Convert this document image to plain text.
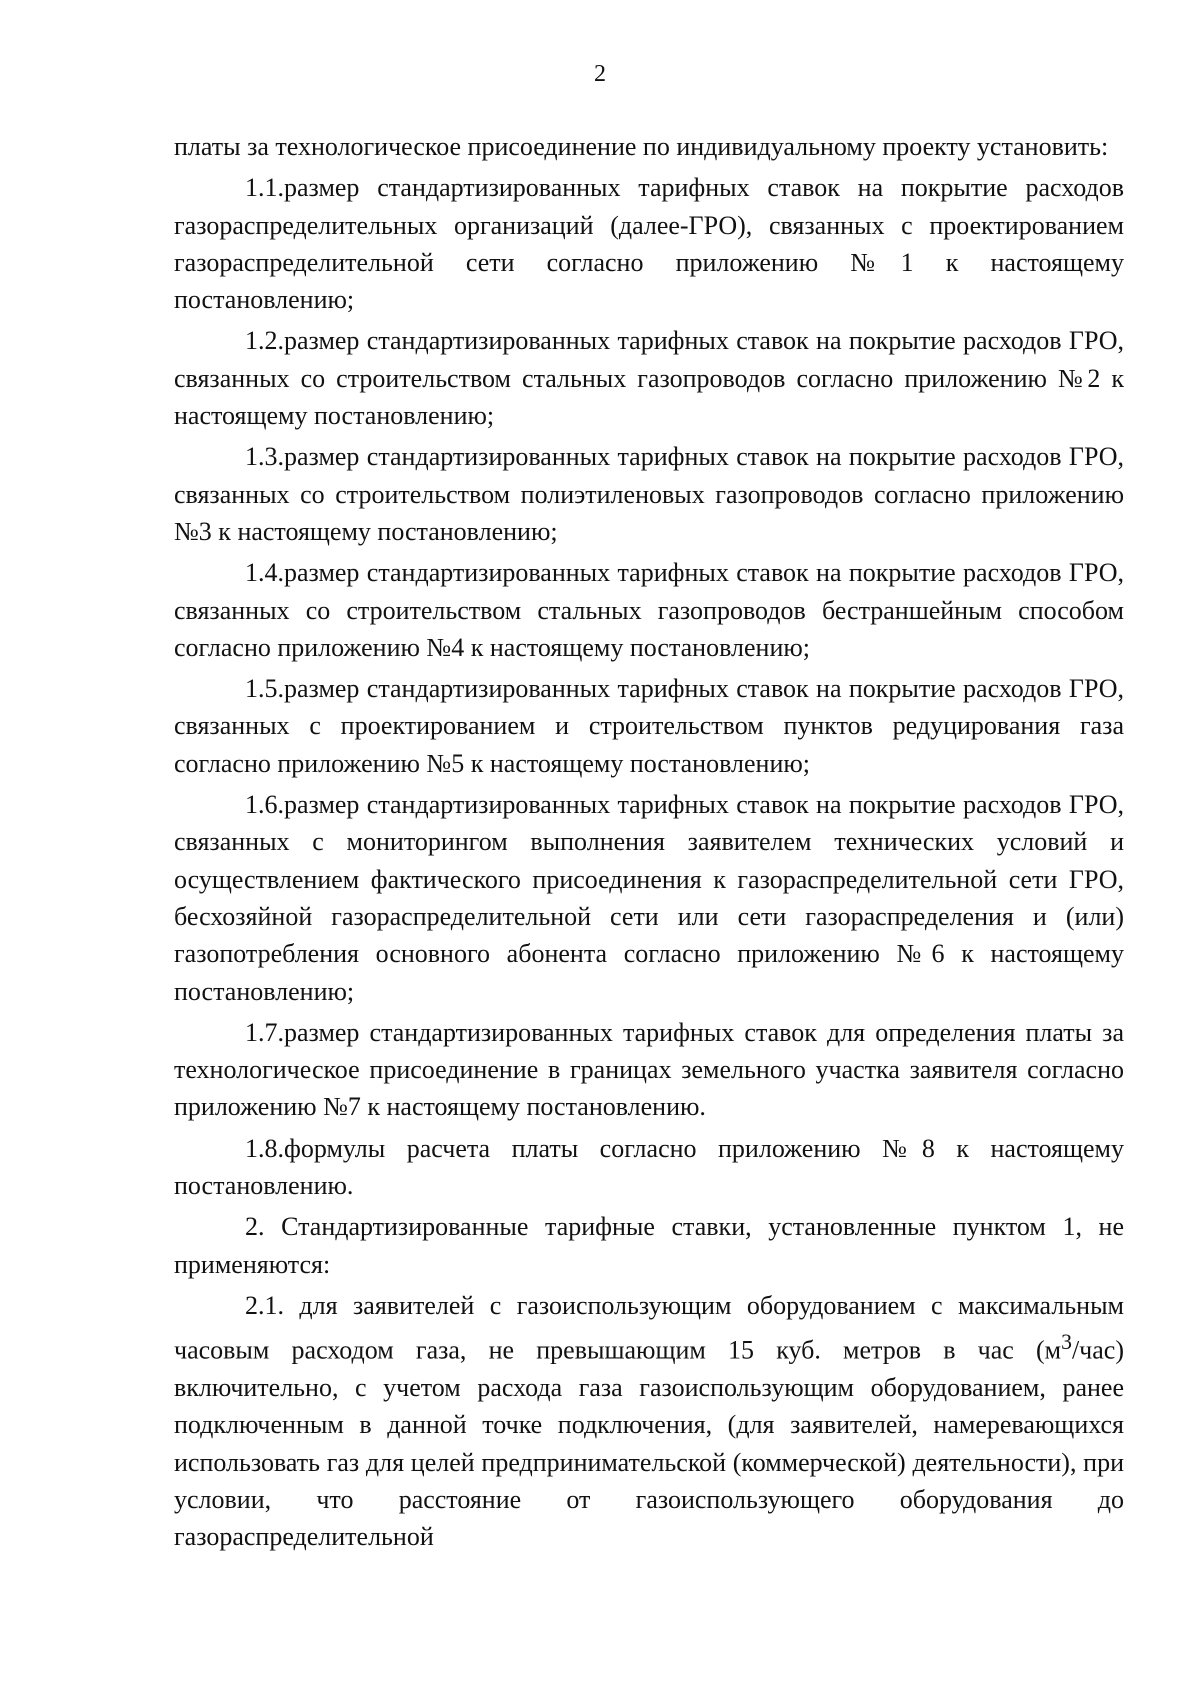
2

платы за технологическое присоединение по индивидуальному проекту установить:

1.1.размер стандартизированных тарифных ставок на покрытие расходов газораспределительных организаций (далее-ГРО), связанных с проектированием газораспределительной сети согласно приложению №1 к настоящему постановлению;

1.2.размер стандартизированных тарифных ставок на покрытие расходов ГРО, связанных со строительством стальных газопроводов согласно приложению №2 к настоящему постановлению;

1.3.размер стандартизированных тарифных ставок на покрытие расходов ГРО, связанных со строительством полиэтиленовых газопроводов согласно приложению №3 к настоящему постановлению;

1.4.размер стандартизированных тарифных ставок на покрытие расходов ГРО, связанных со строительством стальных газопроводов бестраншейным способом согласно приложению №4 к настоящему постановлению;

1.5.размер стандартизированных тарифных ставок на покрытие расходов ГРО, связанных с проектированием и строительством пунктов редуцирования газа согласно приложению №5 к настоящему постановлению;

1.6.размер стандартизированных тарифных ставок на покрытие расходов ГРО, связанных с мониторингом выполнения заявителем технических условий и осуществлением фактического присоединения к газораспределительной сети ГРО, бесхозяйной газораспределительной сети или сети газораспределения и (или) газопотребления основного абонента согласно приложению №6 к настоящему постановлению;

1.7.размер стандартизированных тарифных ставок для определения платы за технологическое присоединение в границах земельного участка заявителя согласно приложению №7 к настоящему постановлению.

1.8.формулы расчета платы согласно приложению №8 к настоящему постановлению.

2. Стандартизированные тарифные ставки, установленные пунктом 1, не применяются:

2.1. для заявителей с газоиспользующим оборудованием с максимальным часовым расходом газа, не превышающим 15 куб. метров в час $(м^3/час)$ включительно, с учетом расхода газа газоиспользующим оборудованием, ранее подключенным в данной точке подключения, (для заявителей, намеревающихся использовать газ для целей предпринимательской (коммерческой) деятельности), при условии, что расстояние от газоиспользующего оборудования до газораспределительной
